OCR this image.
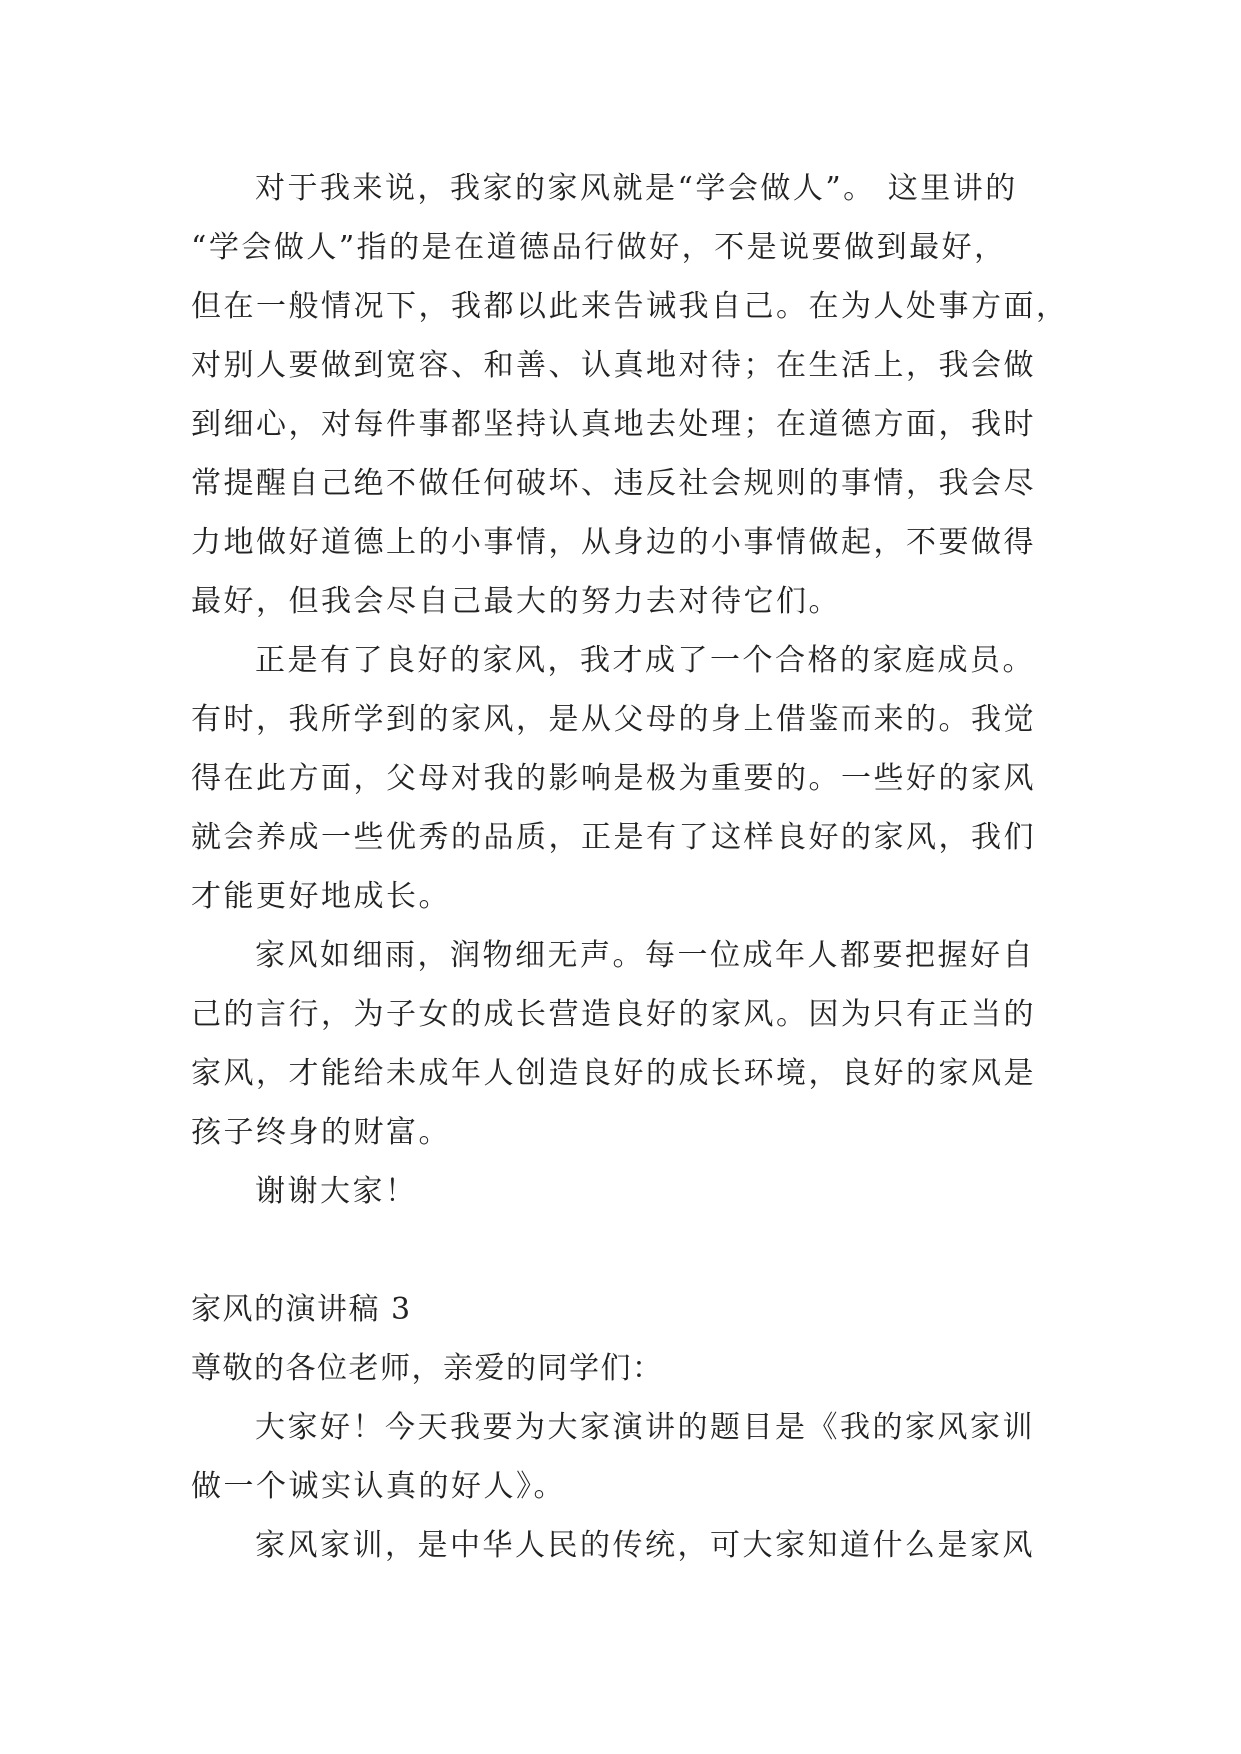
对于我来说，我家的家风就是“学会做人”。 这里讲的
“学会做人”指的是在道德品行做好，不是说要做到最好，
但在一般情况下，我都以此来告诫我自己。在为人处事方面，
对别人要做到宽容、和善、认真地对待；在生活上，我会做
到细心，对每件事都坚持认真地去处理；在道德方面，我时
常提醒自己绝不做任何破坏、违反社会规则的事情，我会尽
力地做好道德上的小事情，从身边的小事情做起，不要做得
最好，但我会尽自己最大的努力去对待它们。

正是有了良好的家风，我才成了一个合格的家庭成员。
有时，我所学到的家风，是从父母的身上借鉴而来的。我觉
得在此方面，父母对我的影响是极为重要的。一些好的家风
就会养成一些优秀的品质，正是有了这样良好的家风，我们
才能更好地成长。

家风如细雨，润物细无声。每一位成年人都要把握好自
己的言行，为子女的成长营造良好的家风。因为只有正当的
家风，才能给未成年人创造良好的成长环境，良好的家风是
孩子终身的财富。

谢谢大家！

家风的演讲稿 3

尊敬的各位老师，亲爱的同学们：

大家好！今天我要为大家演讲的题目是《我的家风家训
做一个诚实认真的好人》。

家风家训，是中华人民的传统，可大家知道什么是家风
